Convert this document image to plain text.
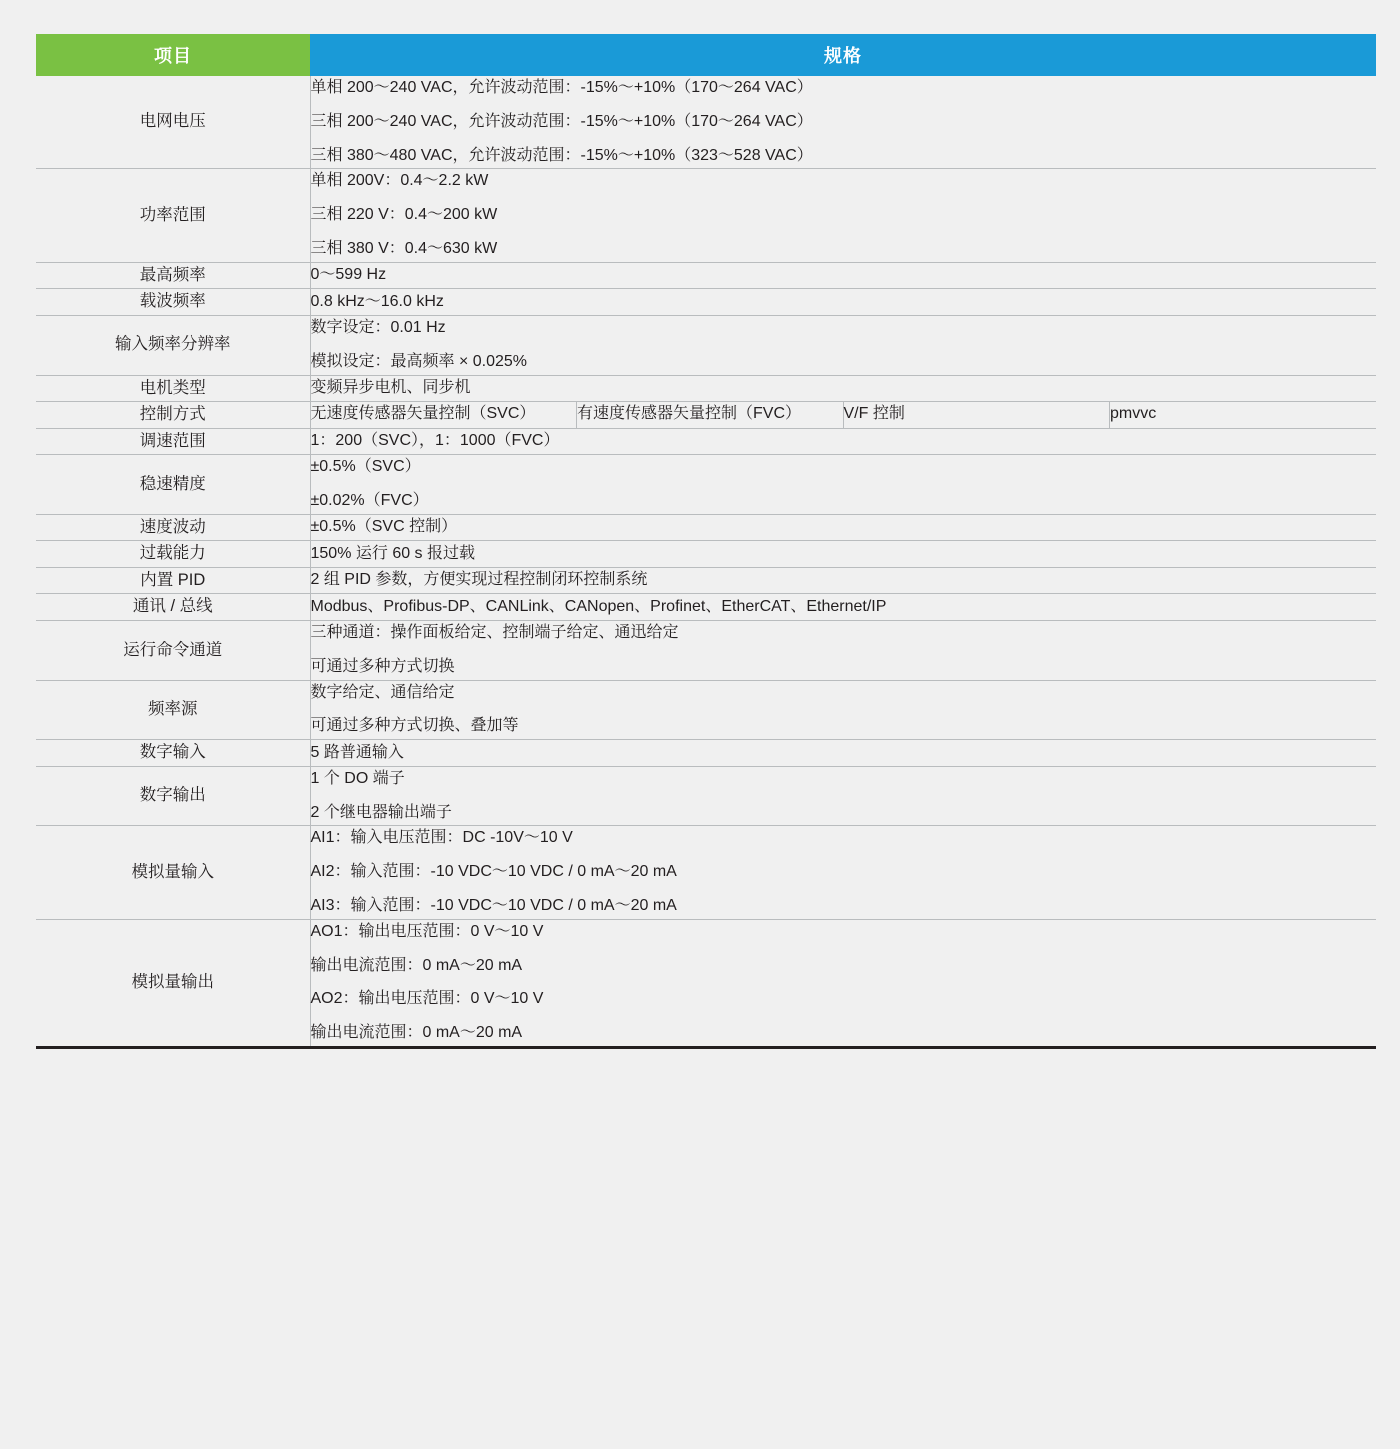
项目	规格			
电网电压	单相 200～240 VAC，允许波动范围：-15%～+10%（170～264 VAC）
三相 200～240 VAC，允许波动范围：-15%～+10%（170～264 VAC）
三相 380～480 VAC，允许波动范围：-15%～+10%（323～528 VAC）			

功率范围	单相 200V：0.4～2.2 kW
三相 220 V：0.4～200 kW
三相 380 V：0.4～630 kW			

最高频率	0～599 Hz			

载波频率	0.8 kHz～16.0 kHz			

输入频率分辨率	数字设定：0.01 Hz
模拟设定：最高频率 × 0.025%			

电机类型	变频异步电机、同步机			

控制方式	无速度传感器矢量控制（SVC）	有速度传感器矢量控制（FVC）	V/F 控制	pmvvc
调速范围	1：200（SVC），1：1000（FVC）			

稳速精度	±0.5%（SVC）
±0.02%（FVC）			

速度波动	±0.5%（SVC 控制）			

过载能力	150% 运行 60 s 报过载			

内置 PID	2 组 PID 参数，方便实现过程控制闭环控制系统			

通讯 / 总线	Modbus、Profibus-DP、CANLink、CANopen、Profinet、EtherCAT、Ethernet/IP			

运行命令通道	三种通道：操作面板给定、控制端子给定、通迅给定
可通过多种方式切换			

频率源	数字给定、通信给定
可通过多种方式切换、叠加等			

数字输入	5 路普通输入			

数字输出	1 个 DO 端子
2 个继电器输出端子			

模拟量输入	AI1：输入电压范围：DC -10V～10 V
AI2：输入范围：-10 VDC～10 VDC / 0 mA～20 mA
AI3：输入范围：-10 VDC～10 VDC / 0 mA～20 mA			

模拟量输出	AO1：输出电压范围：0 V～10 V
输出电流范围：0 mA～20 mA
AO2：输出电压范围：0 V～10 V
输出电流范围：0 mA～20 mA			
